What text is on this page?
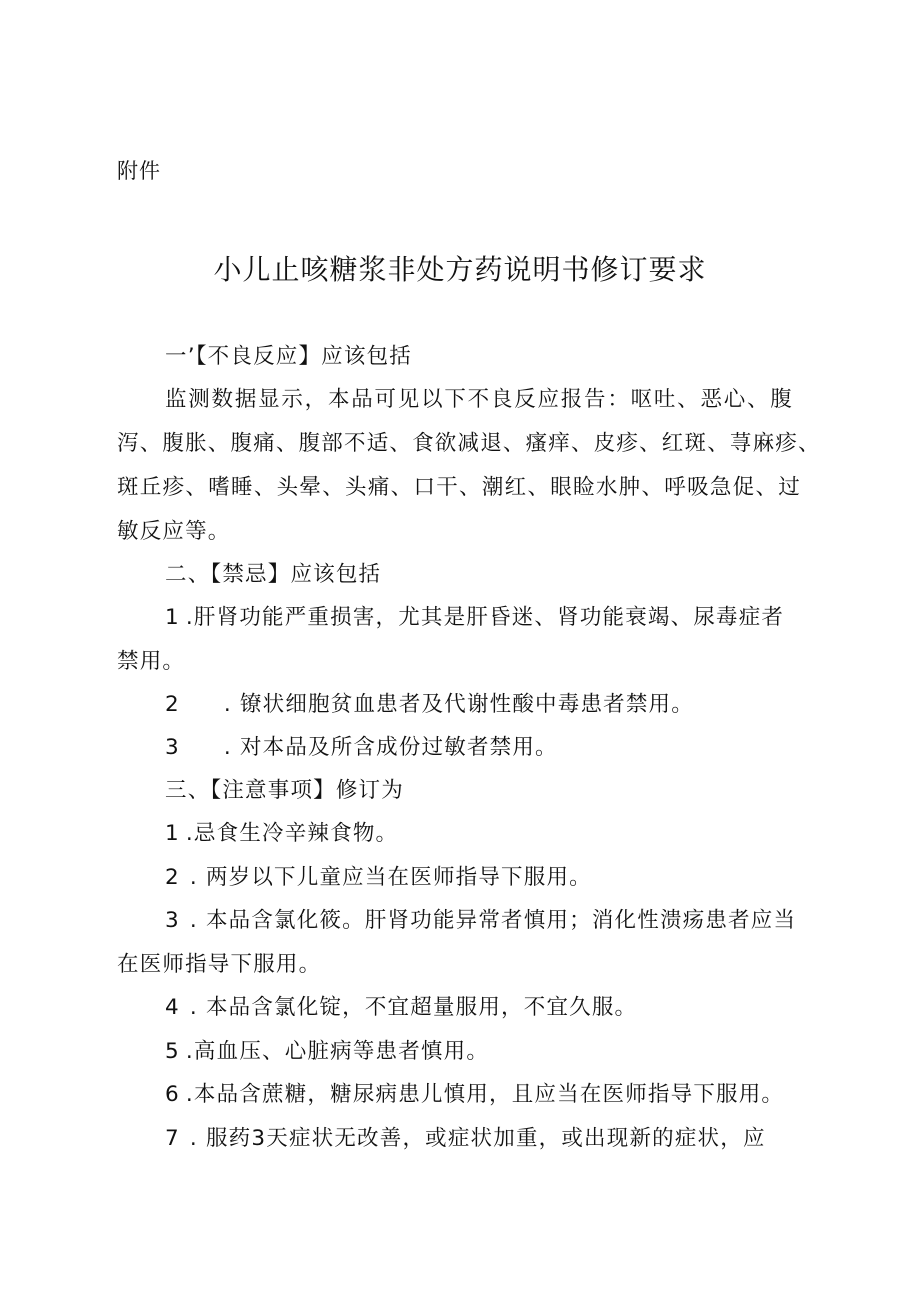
附件
小儿止咳糖浆非处方药说明书修订要求
一’【不良反应】应该包括
监测数据显示，本品可见以下不良反应报告：呕吐、恶心、腹
泻、腹胀、腹痛、腹部不适、食欲减退、瘙痒、皮疹、红斑、荨麻疹、
斑丘疹、嗜睡、头晕、头痛、口干、潮红、眼睑水肿、呼吸急促、过
敏反应等。
二、【禁忌】应该包括
1 .肝肾功能严重损害，尤其是肝昏迷、肾功能衰竭、尿毒症者
禁用。
2 . 镣状细胞贫血患者及代谢性酸中毒患者禁用。
3 . 对本品及所含成份过敏者禁用。
三、【注意事项】修订为
1 .忌食生冷辛辣食物。
2 . 两岁以下儿童应当在医师指导下服用。
3 . 本品含氯化筱。肝肾功能异常者慎用；消化性溃疡患者应当
在医师指导下服用。
4 . 本品含氯化锭，不宜超量服用，不宜久服。
5 .高血压、心脏病等患者慎用。
6 .本品含蔗糖，糖尿病患儿慎用，且应当在医师指导下服用。
7 . 服药3天症状无改善，或症状加重，或出现新的症状，应
